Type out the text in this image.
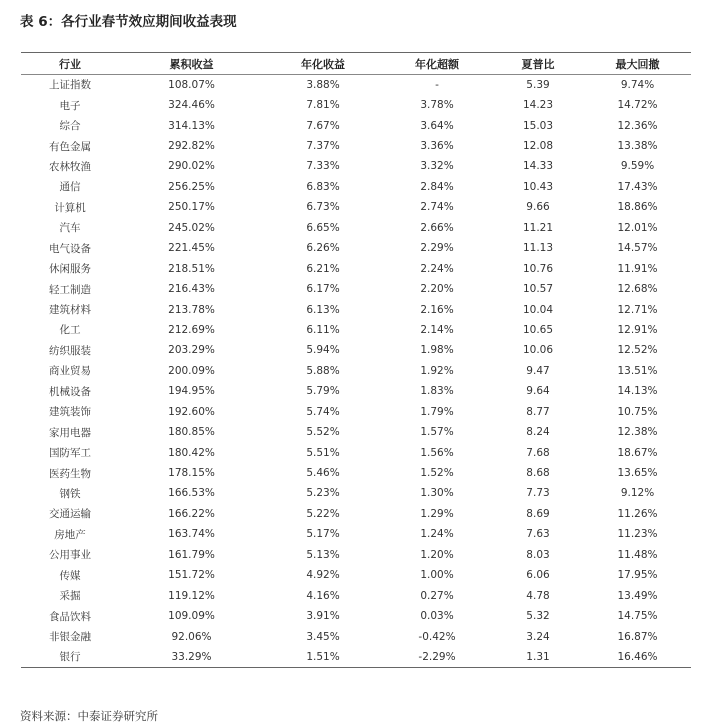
表 6：各行业春节效应期间收益表现
行业	累积收益	年化收益	年化超额	夏普比	最大回撤
上证指数	108.07%	3.88%	-	5.39	9.74%
电子	324.46%	7.81%	3.78%	14.23	14.72%
综合	314.13%	7.67%	3.64%	15.03	12.36%
有色金属	292.82%	7.37%	3.36%	12.08	13.38%
农林牧渔	290.02%	7.33%	3.32%	14.33	9.59%
通信	256.25%	6.83%	2.84%	10.43	17.43%
计算机	250.17%	6.73%	2.74%	9.66	18.86%
汽车	245.02%	6.65%	2.66%	11.21	12.01%
电气设备	221.45%	6.26%	2.29%	11.13	14.57%
休闲服务	218.51%	6.21%	2.24%	10.76	11.91%
轻工制造	216.43%	6.17%	2.20%	10.57	12.68%
建筑材料	213.78%	6.13%	2.16%	10.04	12.71%
化工	212.69%	6.11%	2.14%	10.65	12.91%
纺织服装	203.29%	5.94%	1.98%	10.06	12.52%
商业贸易	200.09%	5.88%	1.92%	9.47	13.51%
机械设备	194.95%	5.79%	1.83%	9.64	14.13%
建筑装饰	192.60%	5.74%	1.79%	8.77	10.75%
家用电器	180.85%	5.52%	1.57%	8.24	12.38%
国防军工	180.42%	5.51%	1.56%	7.68	18.67%
医药生物	178.15%	5.46%	1.52%	8.68	13.65%
钢铁	166.53%	5.23%	1.30%	7.73	9.12%
交通运输	166.22%	5.22%	1.29%	8.69	11.26%
房地产	163.74%	5.17%	1.24%	7.63	11.23%
公用事业	161.79%	5.13%	1.20%	8.03	11.48%
传媒	151.72%	4.92%	1.00%	6.06	17.95%
采掘	119.12%	4.16%	0.27%	4.78	13.49%
食品饮料	109.09%	3.91%	0.03%	5.32	14.75%
非银金融	92.06%	3.45%	-0.42%	3.24	16.87%
银行	33.29%	1.51%	-2.29%	1.31	16.46%
资料来源：中泰证券研究所
